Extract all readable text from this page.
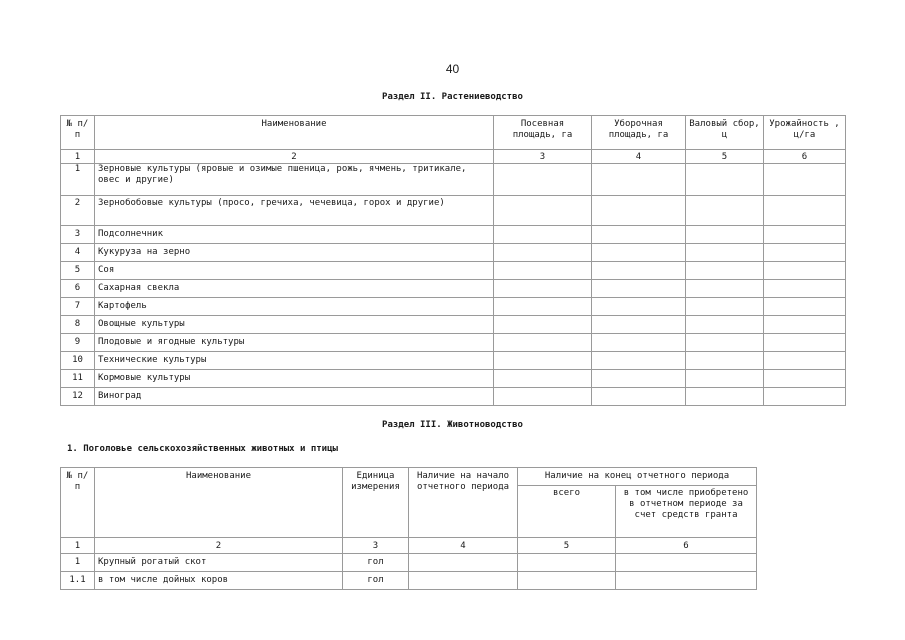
40
Раздел II. Растениеводство
№ п/п	Наименование	Посевная площадь, га	Уборочная площадь, га	Валовый сбор, ц	Урожайность , ц/га
1	2	3	4	5	6
1	Зерновые культуры (яровые и озимые пшеница, рожь, ячмень, тритикале, овес и другие)				
2	Зернобобовые культуры (просо, гречиха, чечевица, горох и другие)				
3	Подсолнечник				
4	Кукуруза на зерно				
5	Соя				
6	Сахарная свекла				
7	Картофель				
8	Овощные культуры				
9	Плодовые и ягодные культуры				
10	Технические культуры				
11	Кормовые культуры				
12	Виноград				
Раздел III. Животноводство
1. Поголовье сельскохозяйственных животных и птицы
№ п/п	Наименование	Единица измерения	Наличие на начало отчетного периода	Наличие на конец отчетного периода	
				всего	в том числе приобретено в отчетном периоде за счет средств гранта
1	2	3	4	5	6
1	Крупный рогатый скот	гол			
1.1	в том числе дойных коров	гол			
